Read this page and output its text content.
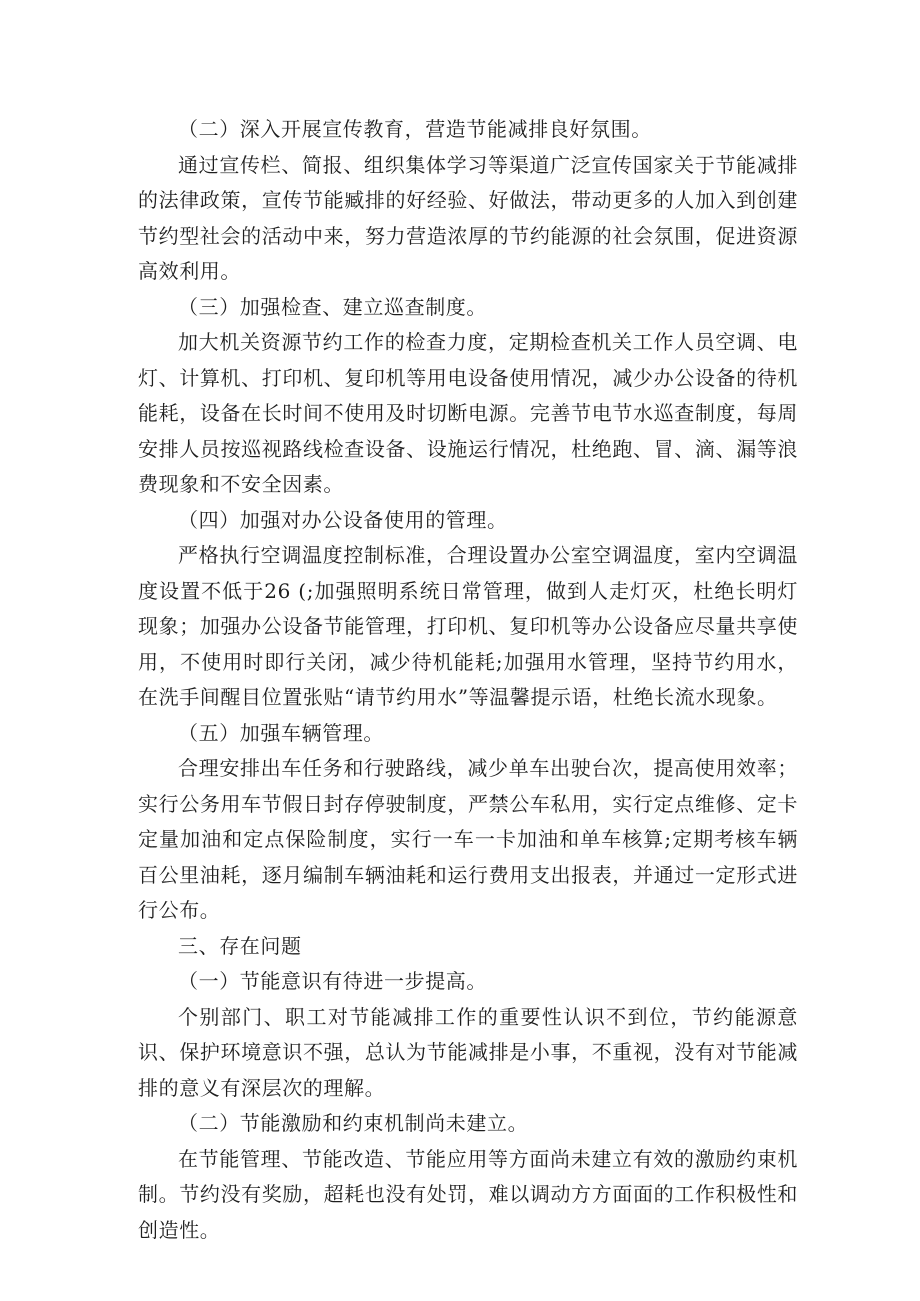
（二）深入开展宣传教育，营造节能减排良好氛围。

通过宣传栏、简报、组织集体学习等渠道广泛宣传国家关于节能减排的法律政策，宣传节能臧排的好经验、好做法，带动更多的人加入到创建节约型社会的活动中来，努力营造浓厚的节约能源的社会氛围，促进资源高效利用。

（三）加强检查、建立巡查制度。

加大机关资源节约工作的检查力度，定期检查机关工作人员空调、电灯、计算机、打印机、复印机等用电设备使用情况，减少办公设备的待机能耗，设备在长时间不使用及时切断电源。完善节电节水巡查制度，每周安排人员按巡视路线检查设备、设施运行情况，杜绝跑、冒、滴、漏等浪费现象和不安全因素。

（四）加强对办公设备使用的管理。

严格执行空调温度控制标准，合理设置办公室空调温度，室内空调温度设置不低于26 (;加强照明系统日常管理，做到人走灯灭，杜绝长明灯现象；加强办公设备节能管理，打印机、复印机等办公设备应尽量共享使用，不使用时即行关闭，减少待机能耗;加强用水管理，坚持节约用水，在洗手间醒目位置张贴“请节约用水”等温馨提示语，杜绝长流水现象。

（五）加强车辆管理。

合理安排出车任务和行驶路线，减少单车出驶台次，提高使用效率；实行公务用车节假日封存停驶制度，严禁公车私用，实行定点维修、定卡定量加油和定点保险制度，实行一车一卡加油和单车核算;定期考核车辆百公里油耗，逐月编制车辆油耗和运行费用支出报表，并通过一定形式进行公布。

三、存在问题

（一）节能意识有待进一步提高。

个别部门、职工对节能减排工作的重要性认识不到位，节约能源意识、保护环境意识不强，总认为节能减排是小事，不重视，没有对节能减排的意义有深层次的理解。

（二）节能激励和约束机制尚未建立。

在节能管理、节能改造、节能应用等方面尚未建立有效的激励约束机制。节约没有奖励，超耗也没有处罚，难以调动方方面面的工作积极性和创造性。
